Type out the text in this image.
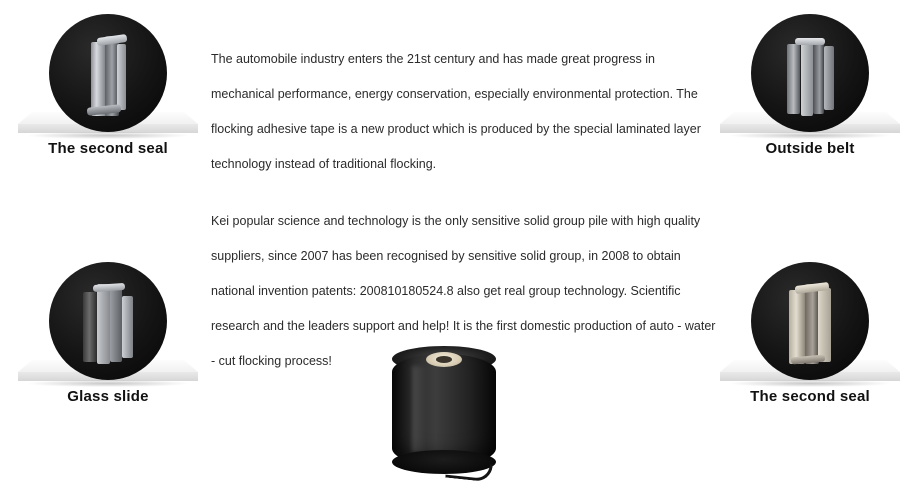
The second seal	Outside belt
Glass slide	The second seal

The automobile industry enters the 21st century and has made great progress in mechanical performance, energy conservation, especially environmental protection. The flocking adhesive tape is a new product which is produced by the special laminated layer technology instead of traditional flocking.

Kei popular science and technology is the only sensitive solid group pile with high quality suppliers, since 2007 has been recognised by sensitive solid group, in 2008 to obtain national invention patents: 200810180524.8 also get real group technology. Scientific research and the leaders support and help! It is the first domestic production of auto - water - cut flocking process!
